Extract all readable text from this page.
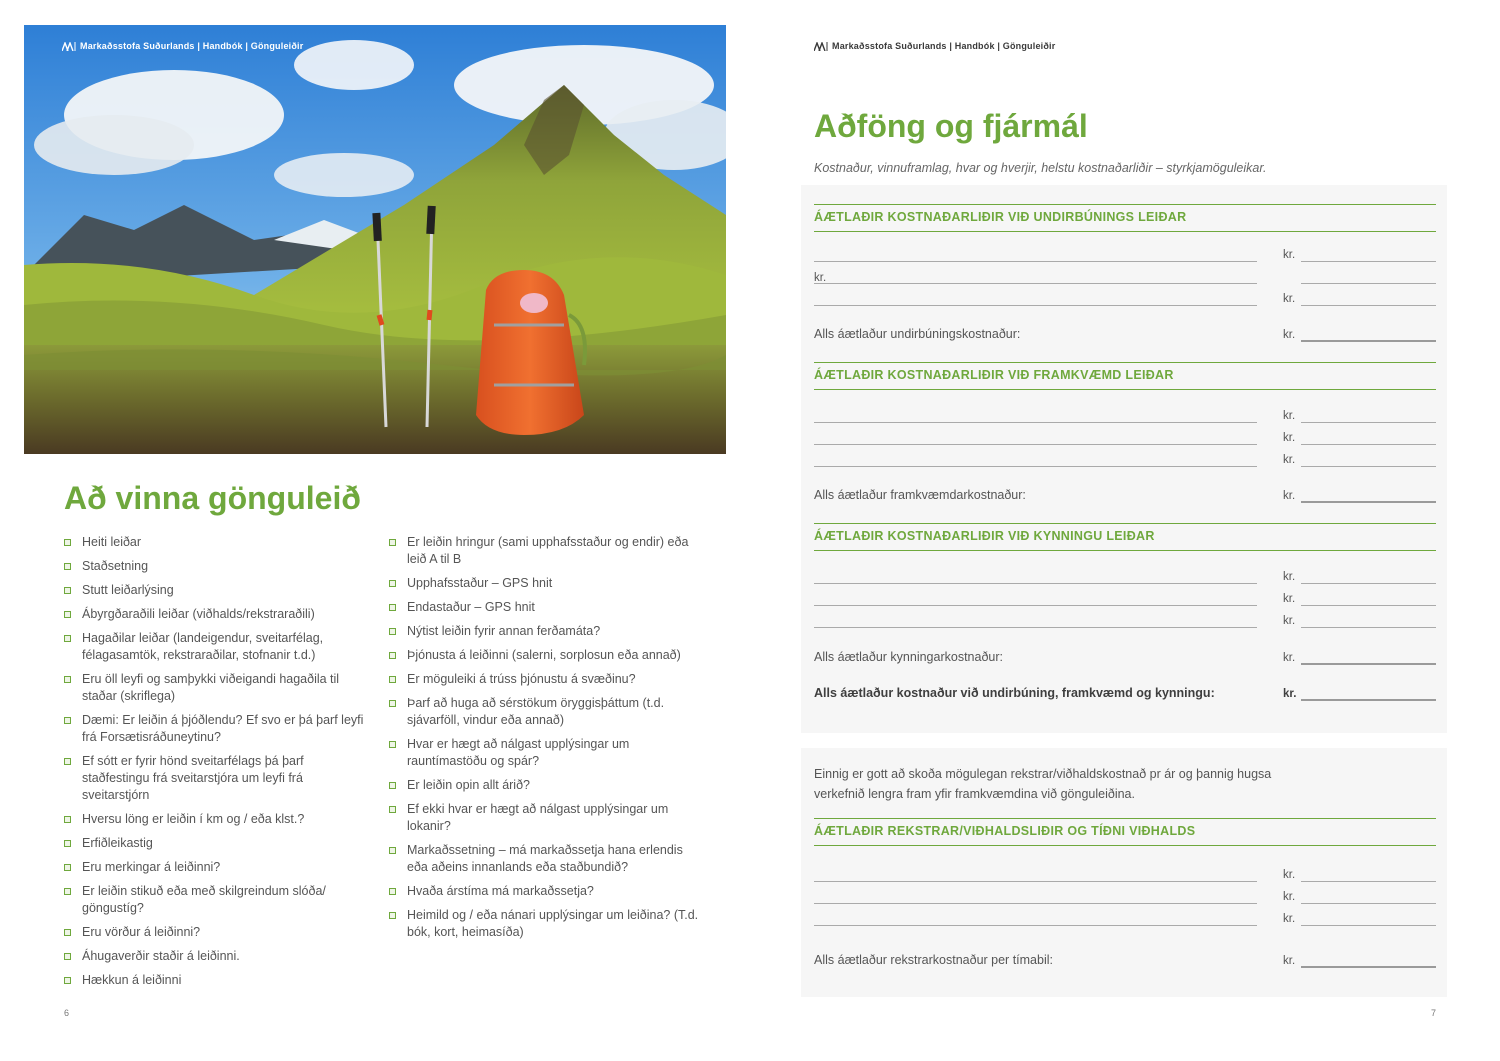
Markaðsstofa Suðurlands | Handbók | Gönguleiðir
Að vinna gönguleið
Heiti leiðar
Staðsetning
Stutt leiðarlýsing
Ábyrgðaraðili leiðar (viðhalds/rekstraraðili)
Hagaðilar leiðar (landeigendur, sveitarfélag, félagasamtök, rekstraraðilar, stofnanir t.d.)
Eru öll leyfi og samþykki viðeigandi hagaðila til staðar (skriflega)
Dæmi: Er leiðin á þjóðlendu? Ef svo er þá þarf leyfi frá Forsætisráðuneytinu?
Ef sótt er fyrir hönd sveitarfélags þá þarf staðfestingu frá sveitarstjóra um leyfi frá sveitarstjórn
Hversu löng er leiðin í km og / eða klst.?
Erfiðleikastig
Eru merkingar á leiðinni?
Er leiðin stikuð eða með skilgreindum slóða/ göngustíg?
Eru vörður á leiðinni?
Áhugaverðir staðir á leiðinni.
Hækkun á leiðinni
Er leiðin hringur (sami upphafsstaður og endir) eða leið A til B
Upphafsstaður – GPS hnit
Endastaður – GPS hnit
Nýtist leiðin fyrir annan ferðamáta?
Þjónusta á leiðinni (salerni, sorplosun eða annað)
Er möguleiki á trúss þjónustu á svæðinu?
Þarf að huga að sérstökum öryggisþáttum (t.d. sjávarföll, vindur eða annað)
Hvar er hægt að nálgast upplýsingar um rauntímastöðu og spár?
Er leiðin opin allt árið?
Ef ekki hvar er hægt að nálgast upplýsingar um lokanir?
Markaðssetning – má markaðssetja hana erlendis eða aðeins innanlands eða staðbundið?
Hvaða árstíma má markaðssetja?
Heimild og / eða nánari upplýsingar um leiðina? (T.d. bók, kort, heimasíða)
6
Markaðsstofa Suðurlands | Handbók | Gönguleiðir
Aðföng og fjármál
Kostnaður, vinnuframlag, hvar og hverjir, helstu kostnaðarliðir – styrkjamöguleikar.
ÁÆTLAÐIR KOSTNAÐARLIÐIR VIÐ UNDIRBÚNINGS LEIÐAR
kr.
kr.
kr.
Alls áætlaður undirbúningskostnaður:	kr.
ÁÆTLAÐIR KOSTNAÐARLIÐIR VIÐ FRAMKVÆMD LEIÐAR
kr.
kr.
kr.
Alls áætlaður framkvæmdarkostnaður:	kr.
ÁÆTLAÐIR KOSTNAÐARLIÐIR VIÐ KYNNINGU LEIÐAR
kr.
kr.
kr.
Alls áætlaður kynningarkostnaður:	kr.
Alls áætlaður kostnaður við undirbúning, framkvæmd og kynningu:	kr.
Einnig er gott að skoða mögulegan rekstrar/viðhaldskostnað pr ár og þannig hugsa verkefnið lengra fram yfir framkvæmdina við gönguleiðina.
ÁÆTLAÐIR REKSTRAR/VIÐHALDSLIÐIR OG TÍÐNI VIÐHALDS
kr.
kr.
kr.
Alls áætlaður rekstrarkostnaður per tímabil:	kr.
7
